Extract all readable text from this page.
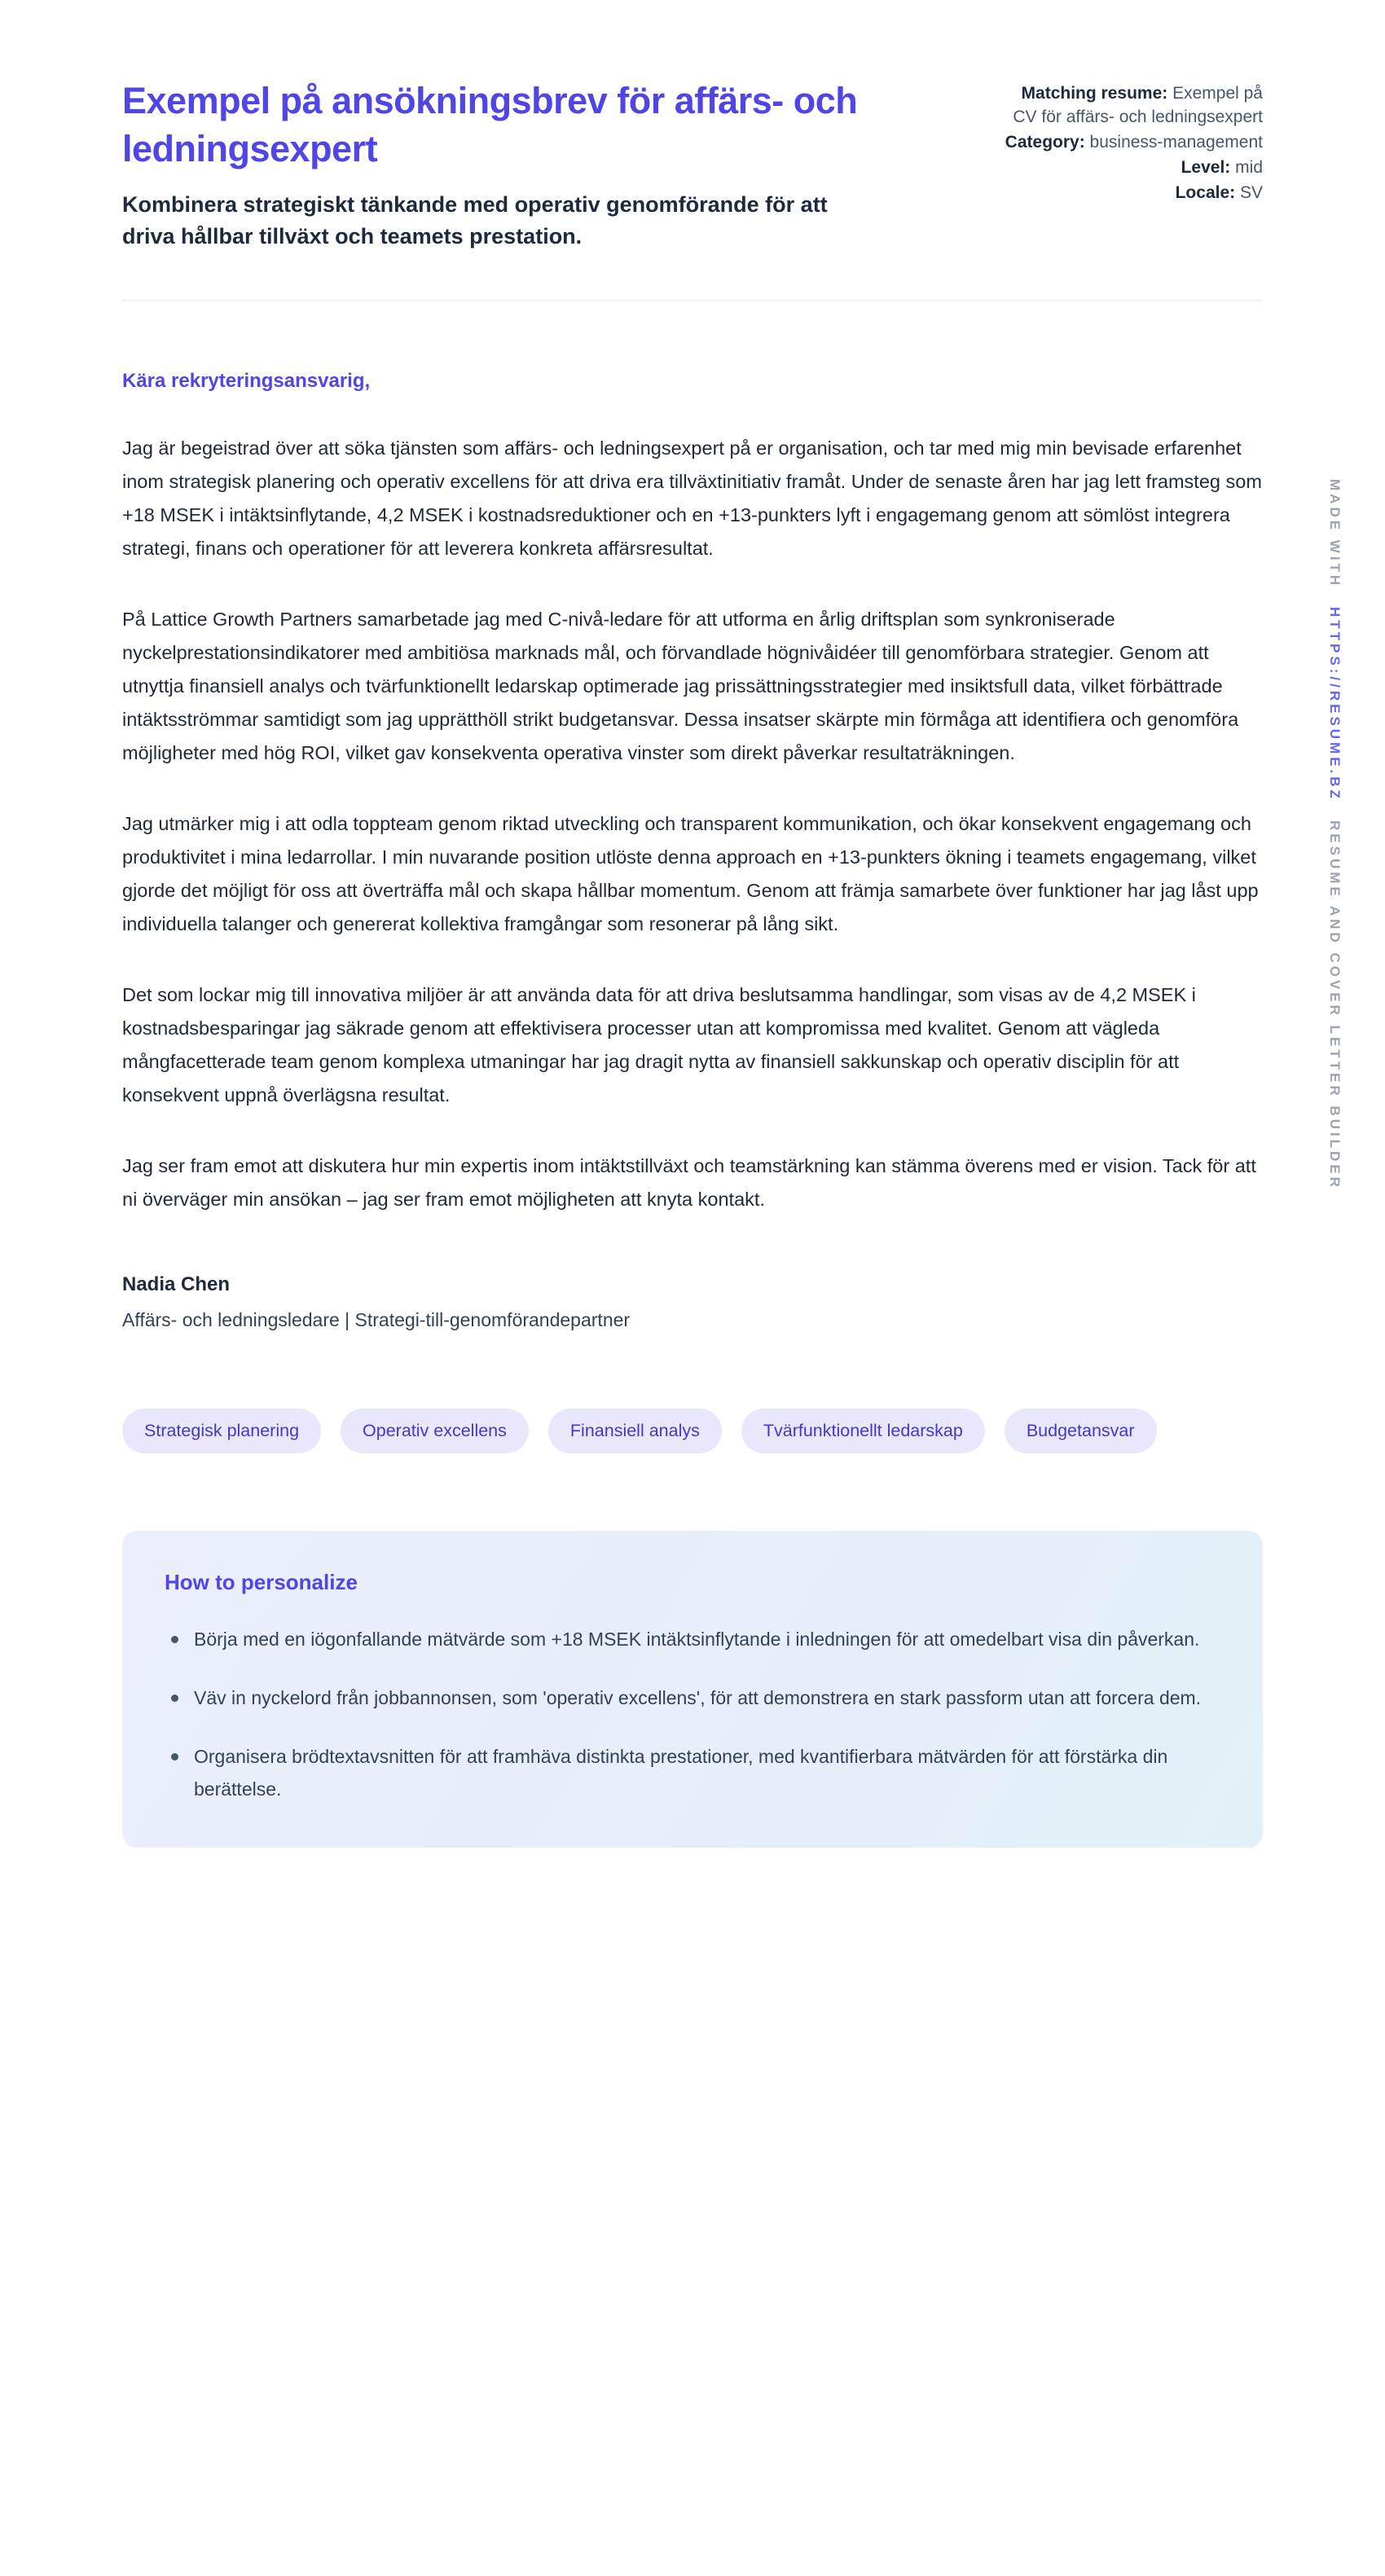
Exempel på ansökningsbrev för affärs- och ledningsexpert
Kombinera strategiskt tänkande med operativ genomförande för att driva hållbar tillväxt och teamets prestation.
Matching resume: Exempel på CV för affärs- och ledningsexpert
Category: business-management
Level: mid
Locale: SV

Kära rekryteringsansvarig,

Jag är begeistrad över att söka tjänsten som affärs- och ledningsexpert på er organisation, och tar med mig min bevisade erfarenhet inom strategisk planering och operativ excellens för att driva era tillväxtinitiativ framåt. Under de senaste åren har jag lett framsteg som +18 MSEK i intäktsinflytande, 4,2 MSEK i kostnadsreduktioner och en +13-punkters lyft i engagemang genom att sömlöst integrera strategi, finans och operationer för att leverera konkreta affärsresultat.

På Lattice Growth Partners samarbetade jag med C-nivå-ledare för att utforma en årlig driftsplan som synkroniserade nyckelprestationsindikatorer med ambitiösa marknads mål, och förvandlade högnivåidéer till genomförbara strategier. Genom att utnyttja finansiell analys och tvärfunktionellt ledarskap optimerade jag prissättningsstrategier med insiktsfull data, vilket förbättrade intäktsströmmar samtidigt som jag upprätthöll strikt budgetansvar. Dessa insatser skärpte min förmåga att identifiera och genomföra möjligheter med hög ROI, vilket gav konsekventa operativa vinster som direkt påverkar resultaträkningen.

Jag utmärker mig i att odla toppteam genom riktad utveckling och transparent kommunikation, och ökar konsekvent engagemang och produktivitet i mina ledarrollar. I min nuvarande position utlöste denna approach en +13-punkters ökning i teamets engagemang, vilket gjorde det möjligt för oss att överträffa mål och skapa hållbar momentum. Genom att främja samarbete över funktioner har jag låst upp individuella talanger och genererat kollektiva framgångar som resonerar på lång sikt.

Det som lockar mig till innovativa miljöer är att använda data för att driva beslutsamma handlingar, som visas av de 4,2 MSEK i kostnadsbesparingar jag säkrade genom att effektivisera processer utan att kompromissa med kvalitet. Genom att vägleda mångfacetterade team genom komplexa utmaningar har jag dragit nytta av finansiell sakkunskap och operativ disciplin för att konsekvent uppnå överlägsna resultat.

Jag ser fram emot att diskutera hur min expertis inom intäktstillväxt och teamstärkning kan stämma överens med er vision. Tack för att ni överväger min ansökan – jag ser fram emot möjligheten att knyta kontakt.

Nadia Chen
Affärs- och ledningsledare | Strategi-till-genomförandepartner
Strategisk planering	Operativ excellens	Finansiell analys	Tvärfunktionellt ledarskap	Budgetansvar
How to personalize
Börja med en iögonfallande mätvärde som +18 MSEK intäktsinflytande i inledningen för att omedelbart visa din påverkan.
Väv in nyckelord från jobbannonsen, som 'operativ excellens', för att demonstrera en stark passform utan att forcera dem.
Organisera brödtextavsnitten för att framhäva distinkta prestationer, med kvantifierbara mätvärden för att förstärka din berättelse.
MADE WITH HTTPS://RESUME.BZ RESUME AND COVER LETTER BUILDER
